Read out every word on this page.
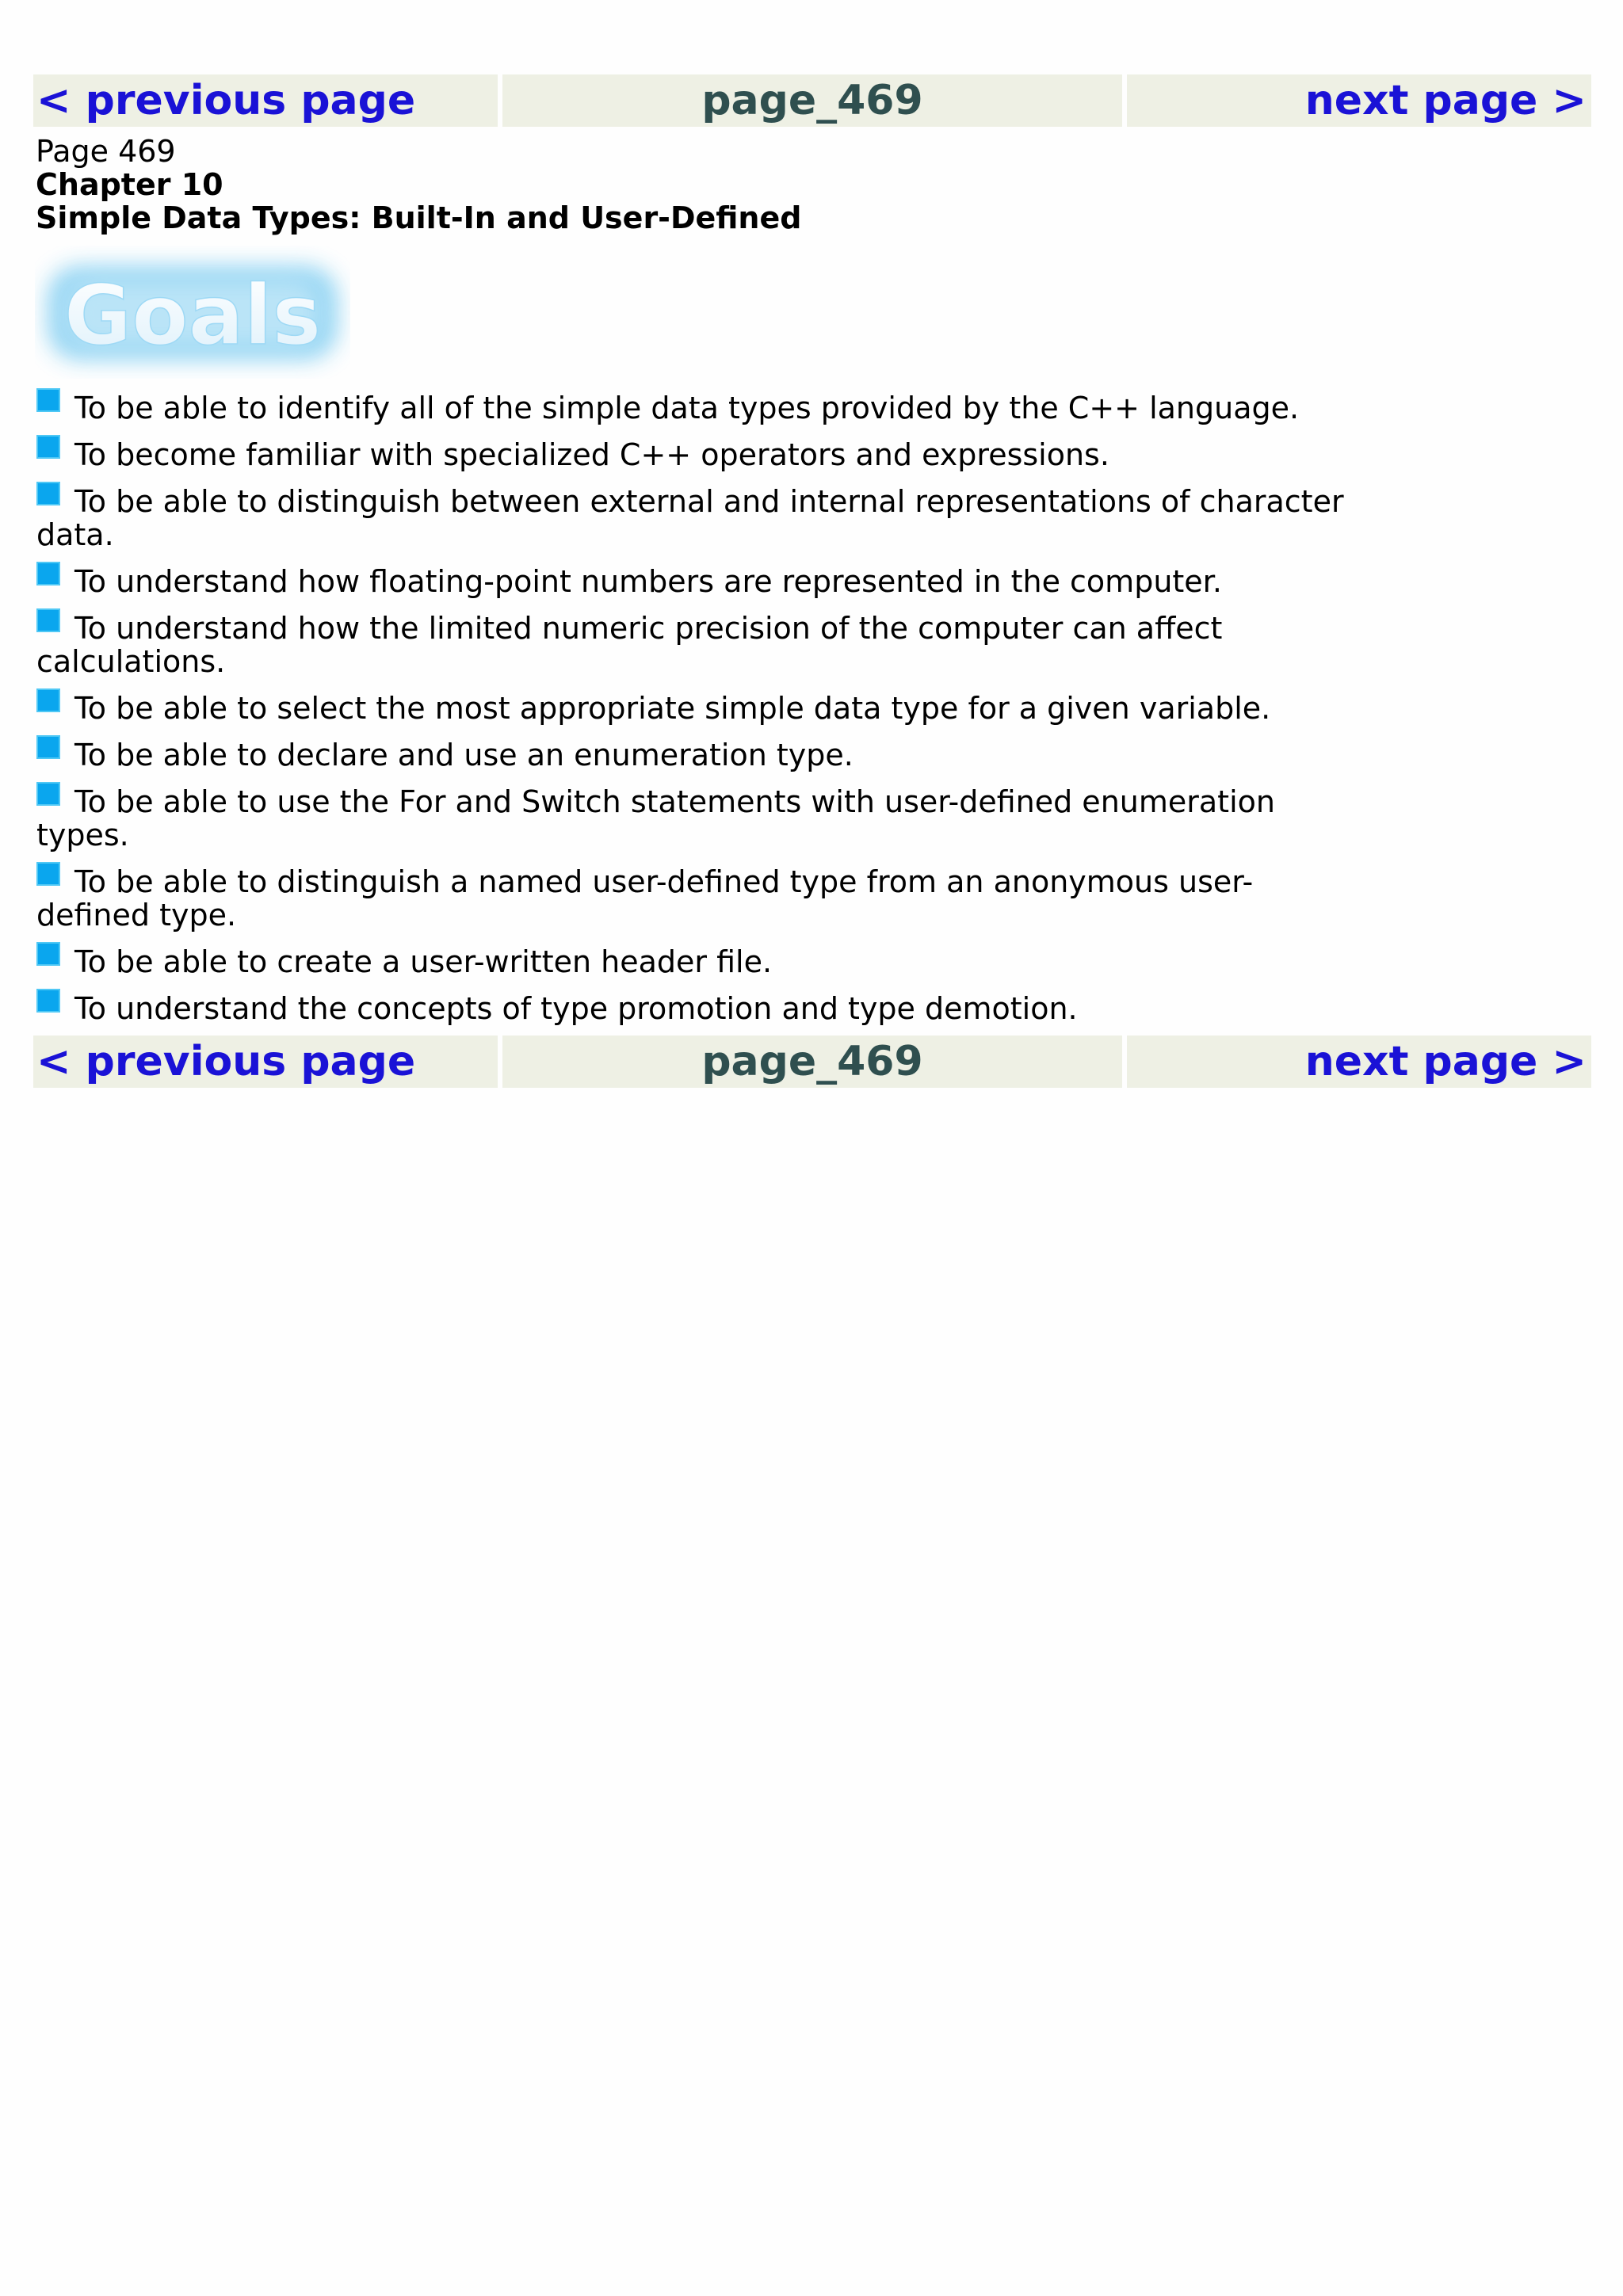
< previous page	page_469	next page >
Page 469
Chapter 10
Simple Data Types: Built-In and User-Defined
Goals
To be able to identify all of the simple data types provided by the C++ language.
To become familiar with specialized C++ operators and expressions.
To be able to distinguish between external and internal representations of character data.
To understand how floating-point numbers are represented in the computer.
To understand how the limited numeric precision of the computer can affect calculations.
To be able to select the most appropriate simple data type for a given variable.
To be able to declare and use an enumeration type.
To be able to use the For and Switch statements with user-defined enumeration types.
To be able to distinguish a named user-defined type from an anonymous user-defined type.
To be able to create a user-written header file.
To understand the concepts of type promotion and type demotion.
< previous page	page_469	next page >
